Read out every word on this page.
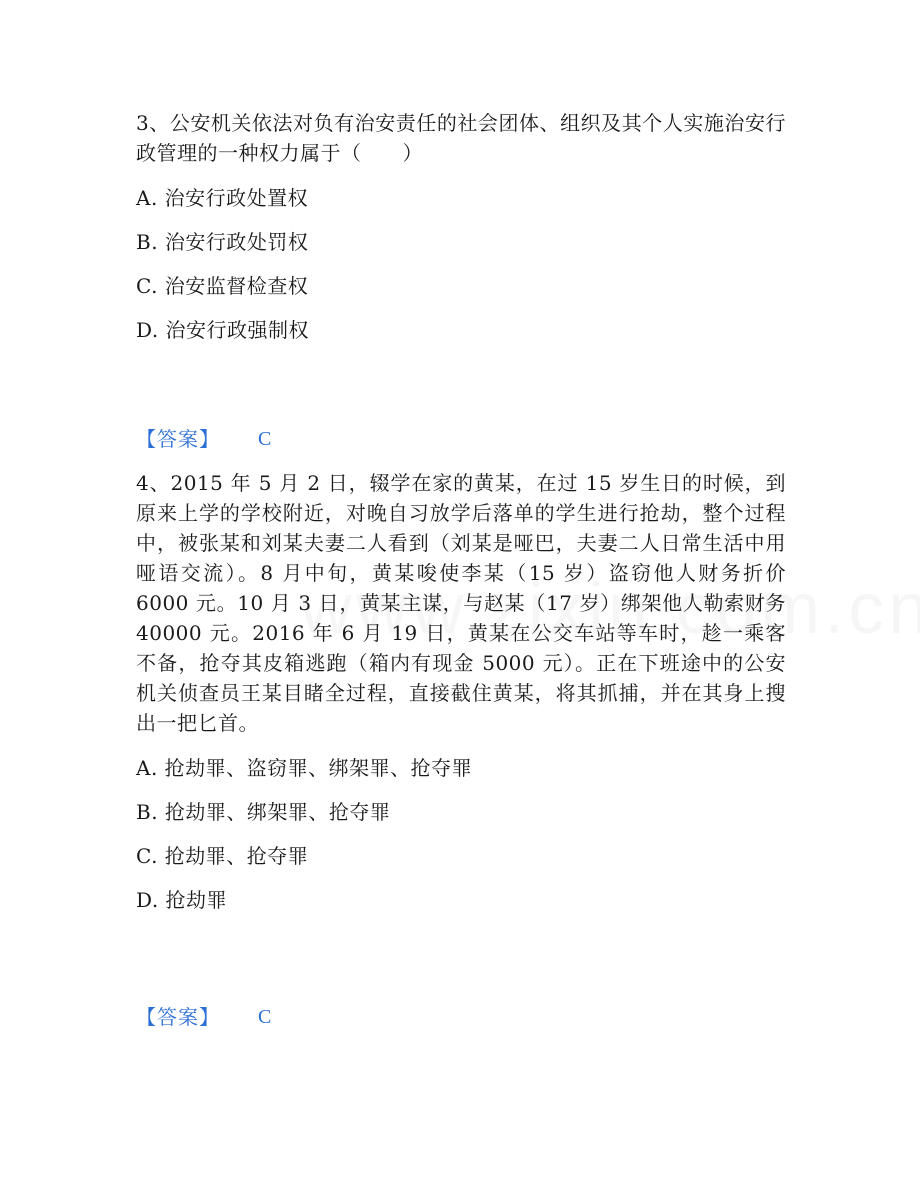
3、公安机关依法对负有治安责任的社会团体、组织及其个人实施治安行政管理的一种权力属于（　　）

A. 治安行政处置权

B. 治安行政处罚权

C. 治安监督检查权

D. 治安行政强制权

【答案】 C

4、2015 年 5 月 2 日，辍学在家的黄某，在过 15 岁生日的时候，到原来上学的学校附近，对晚自习放学后落单的学生进行抢劫，整个过程中，被张某和刘某夫妻二人看到（刘某是哑巴，夫妻二人日常生活中用哑语交流）。8 月中旬，黄某唆使李某（15 岁）盗窃他人财务折价 6000 元。10 月 3 日，黄某主谋，与赵某（17 岁）绑架他人勒索财务 40000 元。2016 年 6 月 19 日，黄某在公交车站等车时，趁一乘客不备，抢夺其皮箱逃跑（箱内有现金 5000 元）。正在下班途中的公安机关侦查员王某目睹全过程，直接截住黄某，将其抓捕，并在其身上搜出一把匕首。

A. 抢劫罪、盗窃罪、绑架罪、抢夺罪

B. 抢劫罪、绑架罪、抢夺罪

C. 抢劫罪、抢夺罪

D. 抢劫罪

【答案】 C
